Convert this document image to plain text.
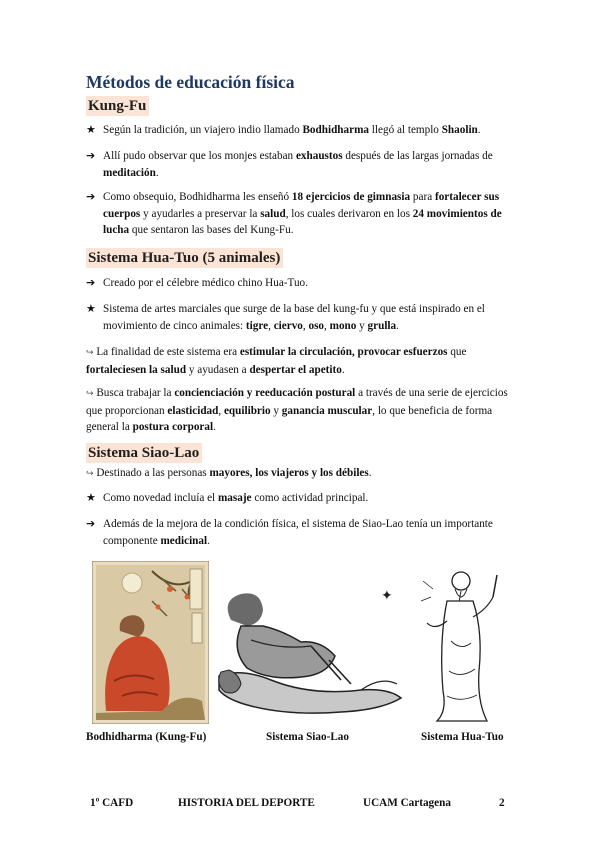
Métodos de educación física
Kung-Fu
★ Según la tradición, un viajero indio llamado Bodhidharma llegó al templo Shaolin.
➔ Allí pudo observar que los monjes estaban exhaustos después de las largas jornadas de meditación.
➔ Como obsequio, Bodhidharma les enseñó 18 ejercicios de gimnasia para fortalecer sus cuerpos y ayudarles a preservar la salud, los cuales derivaron en los 24 movimientos de lucha que sentaron las bases del Kung-Fu.
Sistema Hua-Tuo (5 animales)
➔ Creado por el célebre médico chino Hua-Tuo.
★ Sistema de artes marciales que surge de la base del kung-fu y que está inspirado en el movimiento de cinco animales: tigre, ciervo, oso, mono y grulla.
↪ La finalidad de este sistema era estimular la circulación, provocar esfuerzos que fortaleciesen la salud y ayudasen a despertar el apetito.
↪ Busca trabajar la concienciación y reeducación postural a través de una serie de ejercicios que proporcionan elasticidad, equilibrio y ganancia muscular, lo que beneficia de forma general la postura corporal.
Sistema Siao-Lao
↪ Destinado a las personas mayores, los viajeros y los débiles.
★ Como novedad incluía el masaje como actividad principal.
➔ Además de la mejora de la condición física, el sistema de Siao-Lao tenía un importante componente medicinal.
✦
Bodhidharma (Kung-Fu)	Sistema Siao-Lao	Sistema Hua-Tuo
1º CAFD	HISTORIA DEL DEPORTE	UCAM Cartagena	2
